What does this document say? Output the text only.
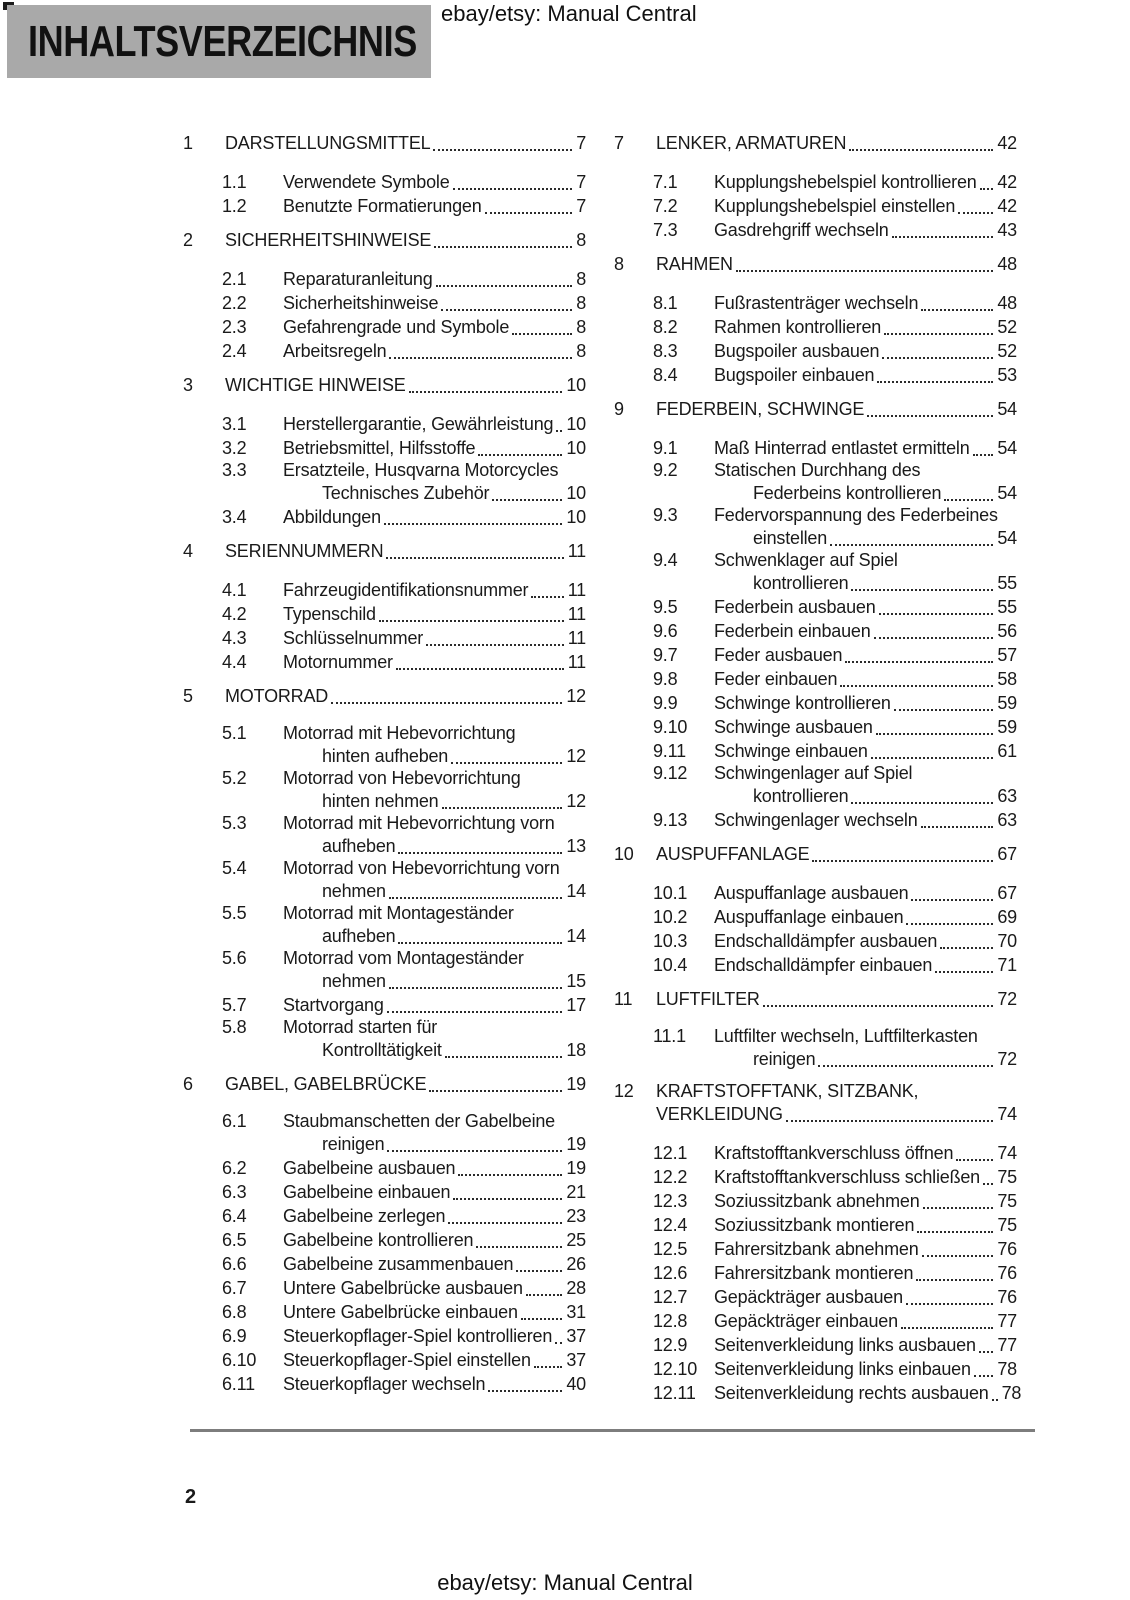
INHALTSVERZEICHNIS
ebay/etsy: Manual Central
1	DARSTELLUNGSMITTEL	7
1.1	Verwendete Symbole	7
1.2	Benutzte Formatierungen	7
2	SICHERHEITSHINWEISE	8
2.1	Reparaturanleitung	8
2.2	Sicherheitshinweise	8
2.3	Gefahrengrade und Symbole	8
2.4	Arbeitsregeln	8
3	WICHTIGE HINWEISE	10
3.1	Herstellergarantie, Gewährleistung 10
3.2	Betriebsmittel, Hilfsstoffe	10
3.3	Ersatzteile, Husqvarna Motorcycles
Technisches Zubehör	10
3.4	Abbildungen	10
4	SERIENNUMMERN	11
4.1	Fahrzeugidentifikationsnummer 11
4.2	Typenschild	11
4.3	Schlüsselnummer	11
4.4	Motornummer	11
5	MOTORRAD	12
5.1	Motorrad mit Hebevorrichtung
hinten aufheben	12
5.2	Motorrad von Hebevorrichtung
hinten nehmen	12
5.3	Motorrad mit Hebevorrichtung vorn
aufheben	13
5.4	Motorrad von Hebevorrichtung vorn
nehmen	14
5.5	Motorrad mit Montageständer
aufheben	14
5.6	Motorrad vom Montageständer
nehmen	15
5.7	Startvorgang	17
5.8	Motorrad starten für
Kontrolltätigkeit	18
6	GABEL, GABELBRÜCKE	19
6.1	Staubmanschetten der Gabelbeine
reinigen	19
6.2	Gabelbeine ausbauen	19
6.3	Gabelbeine einbauen	21
6.4	Gabelbeine zerlegen	23
6.5	Gabelbeine kontrollieren	25
6.6	Gabelbeine zusammenbauen	26
6.7	Untere Gabelbrücke ausbauen 28
6.8	Untere Gabelbrücke einbauen	31
6.9	Steuerkopflager-Spiel kontrollieren 37
6.10	Steuerkopflager-Spiel einstellen 37
6.11	Steuerkopflager wechseln	40
7	LENKER, ARMATUREN	42
7.1	Kupplungshebelspiel kontrollieren 42
7.2	Kupplungshebelspiel einstellen 42
7.3	Gasdrehgriff wechseln	43
8	RAHMEN	48
8.1	Fußrastenträger wechseln	48
8.2	Rahmen kontrollieren	52
8.3	Bugspoiler ausbauen	52
8.4	Bugspoiler einbauen	53
9	FEDERBEIN, SCHWINGE	54
9.1	Maß Hinterrad entlastet ermitteln 54
9.2	Statischen Durchhang des
Federbeins kontrollieren	54
9.3	Federvorspannung des Federbeines
einstellen	54
9.4	Schwenklager auf Spiel
kontrollieren	55
9.5	Federbein ausbauen	55
9.6	Federbein einbauen	56
9.7	Feder ausbauen	57
9.8	Feder einbauen	58
9.9	Schwinge kontrollieren	59
9.10	Schwinge ausbauen	59
9.11	Schwinge einbauen	61
9.12	Schwingenlager auf Spiel
kontrollieren	63
9.13	Schwingenlager wechseln	63
10	AUSPUFFANLAGE	67
10.1	Auspuffanlage ausbauen	67
10.2	Auspuffanlage einbauen	69
10.3	Endschalldämpfer ausbauen	70
10.4	Endschalldämpfer einbauen	71
11	LUFTFILTER	72
11.1	Luftfilter wechseln, Luftfilterkasten
reinigen	72
12	KRAFTSTOFFTANK, SITZBANK,
VERKLEIDUNG	74
12.1	Kraftstofftankverschluss öffnen 74
12.2	Kraftstofftankverschluss schließen 75
12.3	Soziussitzbank abnehmen	75
12.4	Soziussitzbank montieren	75
12.5	Fahrersitzbank abnehmen	76
12.6	Fahrersitzbank montieren	76
12.7	Gepäckträger ausbauen	76
12.8	Gepäckträger einbauen	77
12.9	Seitenverkleidung links ausbauen 77
12.10 Seitenverkleidung links einbauen 78
12.11	Seitenverkleidung rechts ausbauen 78
2
ebay/etsy: Manual Central
